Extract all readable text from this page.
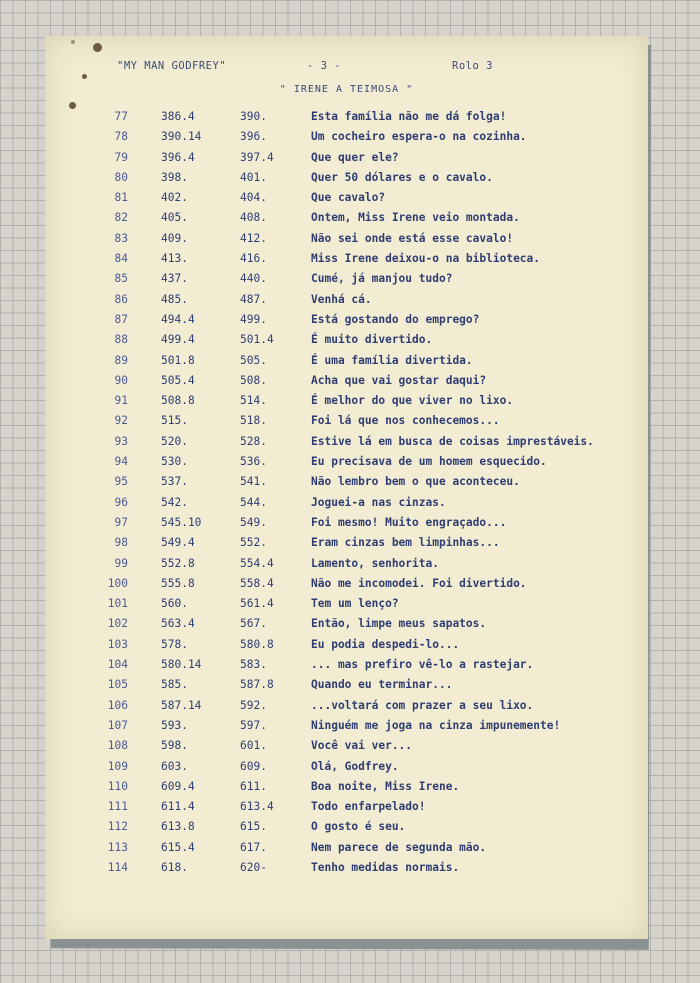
"MY MAN GODFREY"	- 3 -	Rolo 3
" IRENE A TEIMOSA "
77	386.4	390.	Esta família não me dá folga!
78	390.14	396.	Um cocheiro espera-o na cozinha.
79	396.4	397.4	Que quer ele?
80	398.	401.	Quer 50 dólares e o cavalo.
81	402.	404.	Que cavalo?
82	405.	408.	Ontem, Miss Irene veio montada.
83	409.	412.	Não sei onde está esse cavalo!
84	413.	416.	Miss Irene deixou-o na biblioteca.
85	437.	440.	Cumé, já manjou tudo?
86	485.	487.	Venhá cá.
87	494.4	499.	Está gostando do emprego?
88	499.4	501.4	É muito divertido.
89	501.8	505.	É uma família divertida.
90	505.4	508.	Acha que vai gostar daqui?
91	508.8	514.	É melhor do que viver no lixo.
92	515.	518.	Foi lá que nos conhecemos...
93	520.	528.	Estive lá em busca de coisas imprestáveis.
94	530.	536.	Eu precisava de um homem esquecido.
95	537.	541.	Não lembro bem o que aconteceu.
96	542.	544.	Joguei-a nas cinzas.
97	545.10	549.	Foi mesmo! Muito engraçado...
98	549.4	552.	Eram cinzas bem limpinhas...
99	552.8	554.4	Lamento, senhorita.
100	555.8	558.4	Não me incomodei. Foi divertido.
101	560.	561.4	Tem um lenço?
102	563.4	567.	Então, limpe meus sapatos.
103	578.	580.8	Eu podia despedi-lo...
104	580.14	583.	... mas prefiro vê-lo a rastejar.
105	585.	587.8	Quando eu terminar...
106	587.14	592.	...voltará com prazer a seu lixo.
107	593.	597.	Ninguém me joga na cinza impunemente!
108	598.	601.	Você vai ver...
109	603.	609.	Olá, Godfrey.
110	609.4	611.	Boa noite, Miss Irene.
111	611.4	613.4	Todo enfarpelado!
112	613.8	615.	O gosto é seu.
113	615.4	617.	Nem parece de segunda mão.
114	618.	620-	Tenho medidas normais.
